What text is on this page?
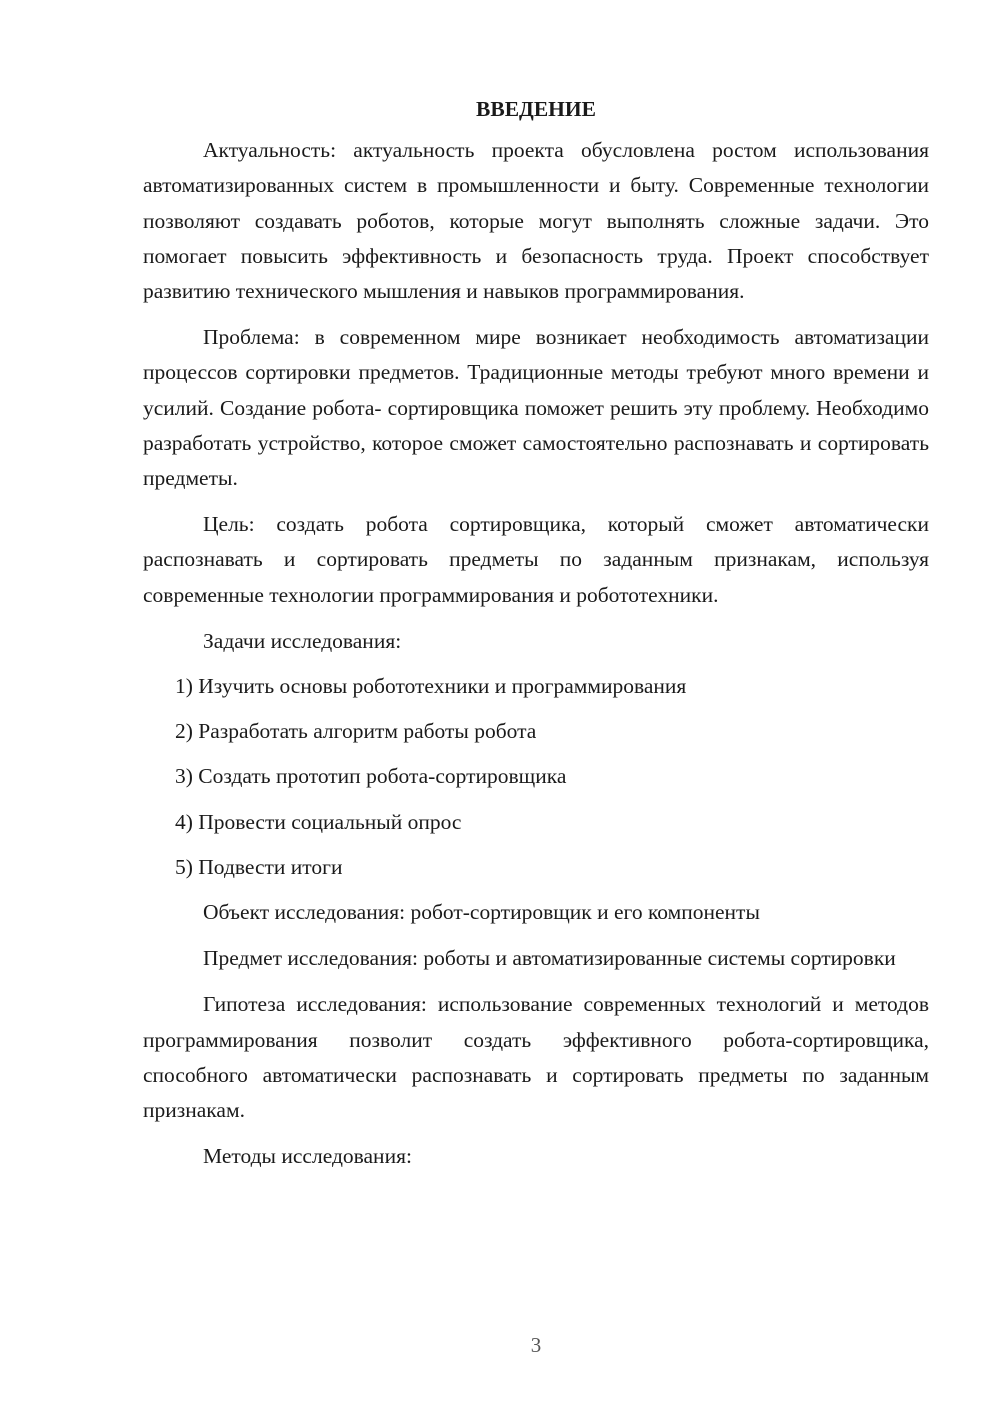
ВВЕДЕНИЕ

Актуальность: актуальность проекта обусловлена ростом использования автоматизированных систем в промышленности и быту. Современные технологии позволяют создавать роботов, которые могут выполнять сложные задачи. Это помогает повысить эффективность и безопасность труда. Проект способствует развитию технического мышления и навыков программирования.

Проблема: в современном мире возникает необходимость автоматизации процессов сортировки предметов. Традиционные методы требуют много времени и усилий. Создание робота- сортировщика поможет решить эту проблему. Необходимо разработать устройство, которое сможет самостоятельно распознавать и сортировать предметы.

Цель: создать робота сортировщика, который сможет автоматически распознавать и сортировать предметы по заданным признакам, используя современные технологии программирования и робототехники.

Задачи исследования:

1) Изучить основы робототехники и программирования
2) Разработать алгоритм работы робота
3) Создать прототип робота-сортировщика
4) Провести социальный опрос
5) Подвести итоги

Объект исследования: робот-сортировщик и его компоненты

Предмет исследования: роботы и автоматизированные системы сортировки

Гипотеза исследования: использование современных технологий и методов программирования позволит создать эффективного робота-сортировщика, способного автоматически распознавать и сортировать предметы по заданным признакам.

Методы исследования:

3
